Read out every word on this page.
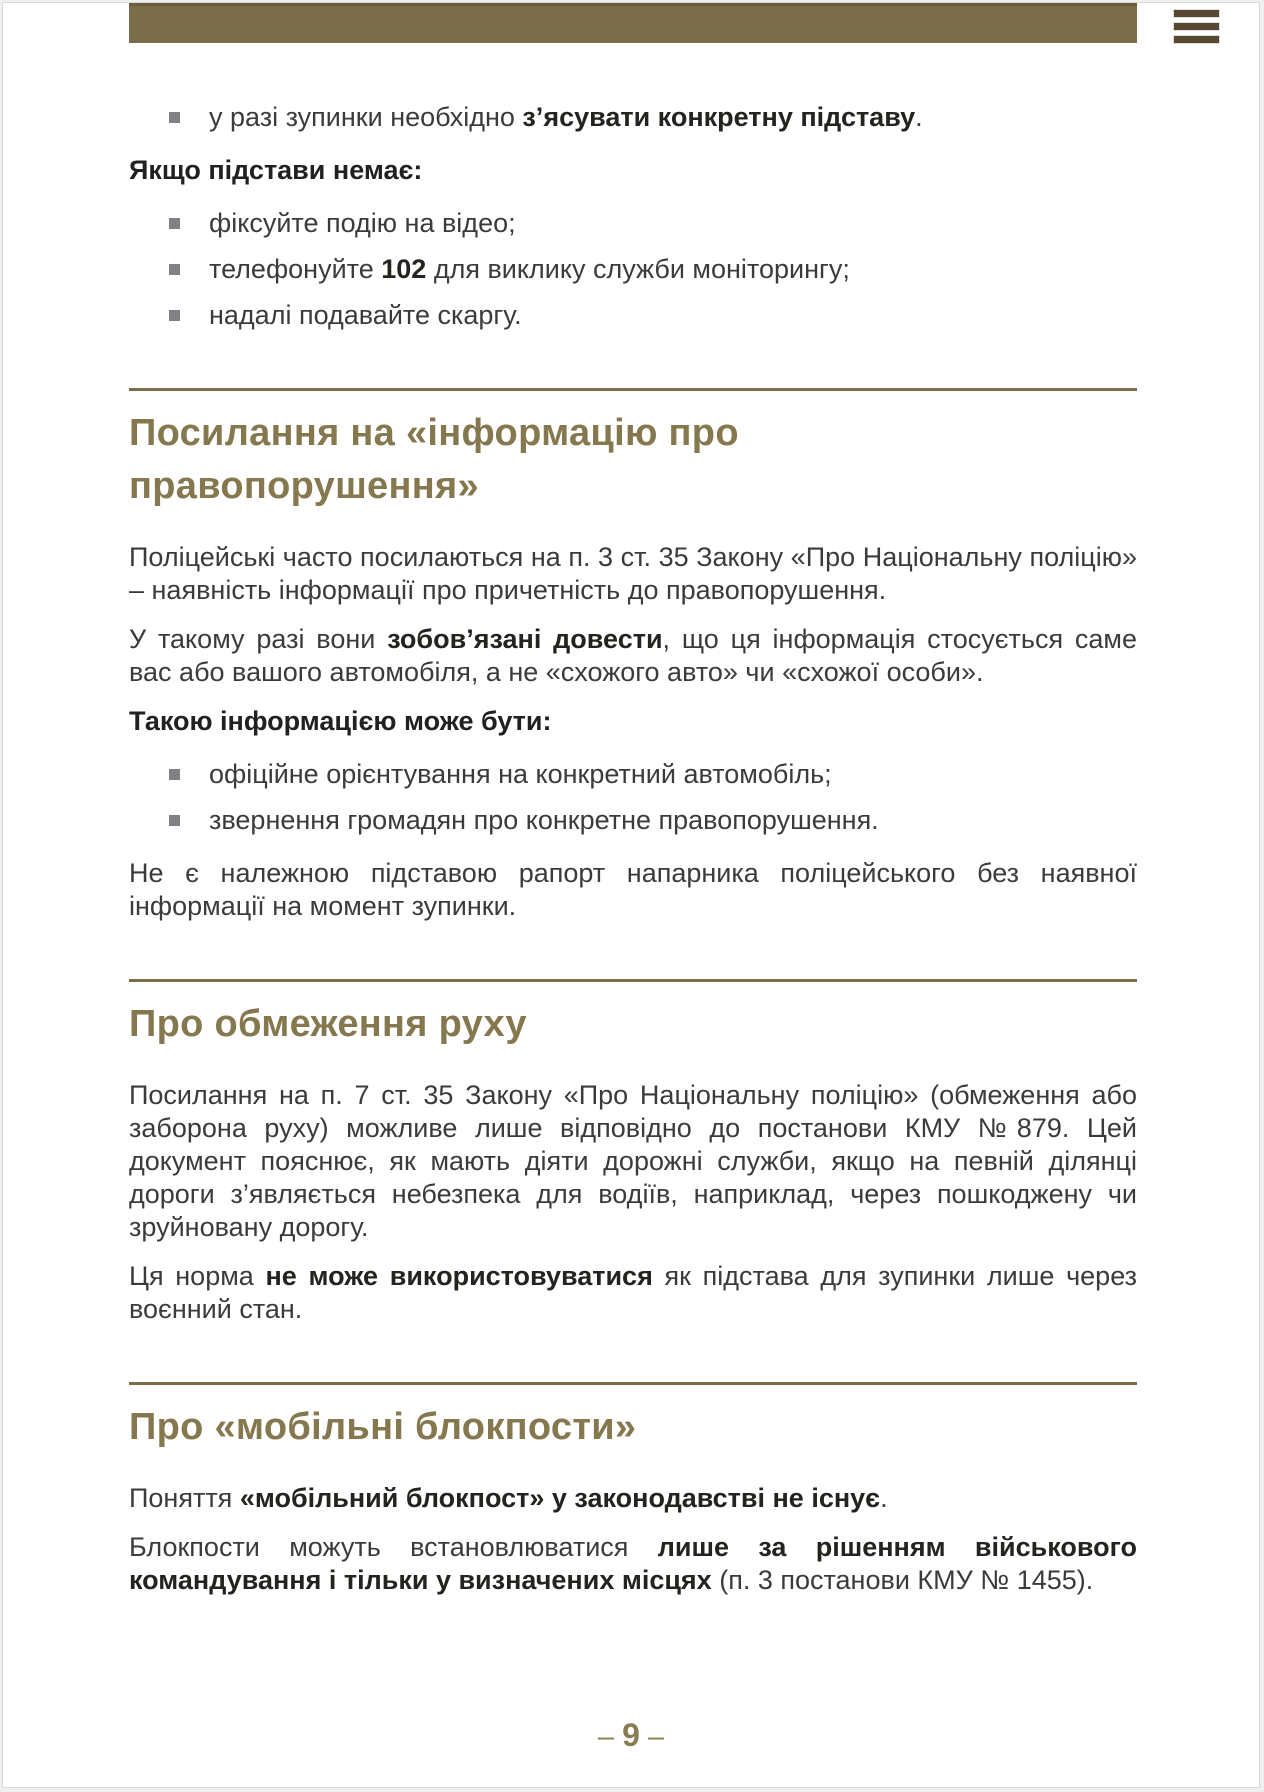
у разі зупинки необхідно з’ясувати конкретну підставу.

Якщо підстави немає:

фіксуйте подію на відео;
телефонуйте 102 для виклику служби моніторингу;
надалі подавайте скаргу.
Посилання на «інформацію про правопорушення»

Поліцейські часто посилаються на п. 3 ст. 35 Закону «Про Національну поліцію» – наявність інформації про причетність до правопорушення.

У такому разі вони зобов’язані довести, що ця інформація стосується саме вас або вашого автомобіля, а не «схожого авто» чи «схожої особи».

Такою інформацією може бути:

офіційне орієнтування на конкретний автомобіль;
звернення громадян про конкретне правопорушення.

Не є належною підставою рапорт напарника поліцейського без наявної інформації на момент зупинки.

Про обмеження руху

Посилання на п. 7 ст. 35 Закону «Про Національну поліцію» (обмеження або заборона руху) можливе лише відповідно до постанови КМУ №879. Цей документ пояснює, як мають діяти дорожні служби, якщо на певній ділянці дороги з’являється небезпека для водіїв, наприклад, через пошкоджену чи зруйновану дорогу.

Ця норма не може використовуватися як підстава для зупинки лише через воєнний стан.

Про «мобільні блокпости»

Поняття «мобільний блокпост» у законодавстві не існує.

Блокпости можуть встановлюватися лише за рішенням військового командування і тільки у визначених місцях (п. 3 постанови КМУ № 1455).

– 9 –
